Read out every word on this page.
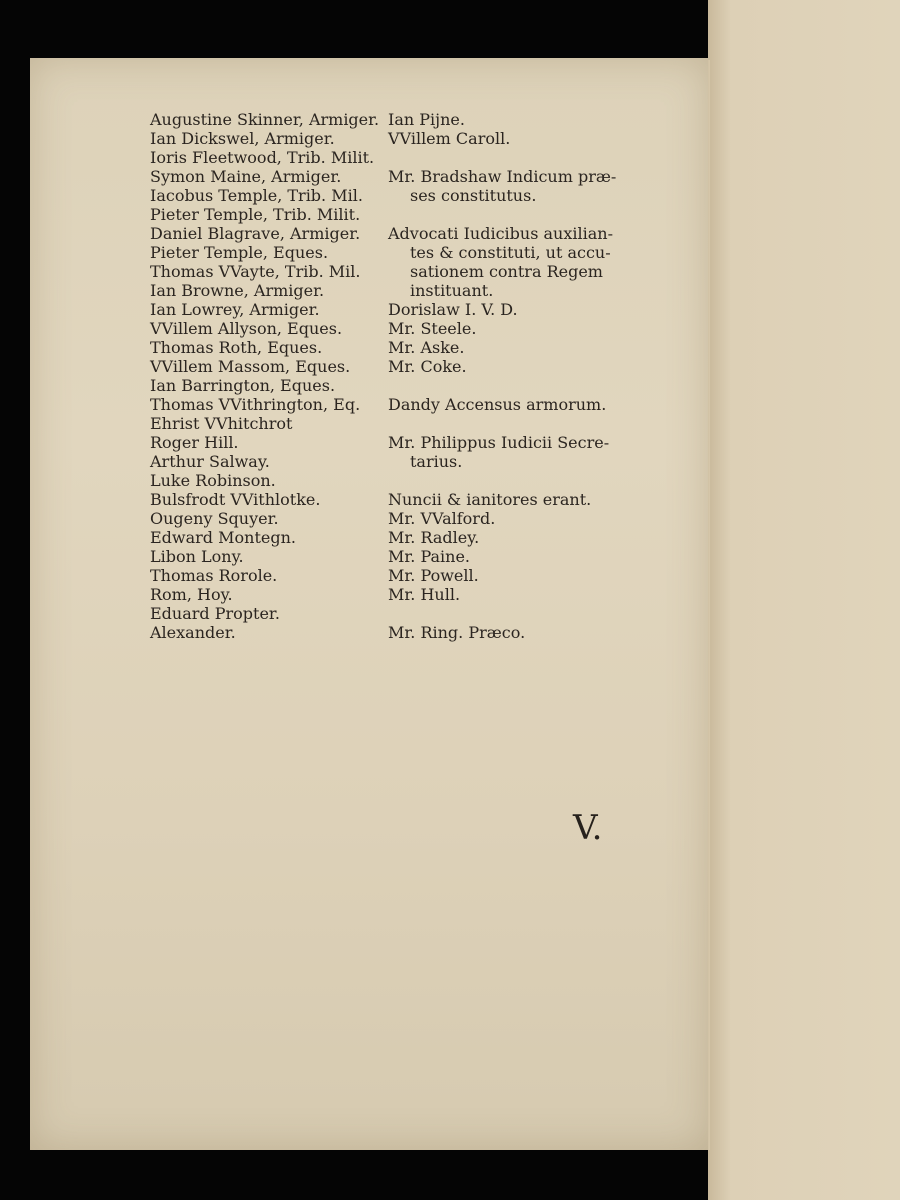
Augustine Skinner, Armiger.
Ian Dickswel, Armiger.
Ioris Fleetwood, Trib. Milit.
Symon Maine, Armiger.
Iacobus Temple, Trib. Mil.
Pieter Temple, Trib. Milit.
Daniel Blagrave, Armiger.
Pieter Temple, Eques.
Thomas VVayte, Trib. Mil.
Ian Browne, Armiger.
Ian Lowrey, Armiger.
VVillem Allyson, Eques.
Thomas Roth, Eques.
VVillem Massom, Eques.
Ian Barrington, Eques.
Thomas VVithrington, Eq.
Ehrist VVhitchrot
Roger Hill.
Arthur Salway.
Luke Robinson.
Bulsfrodt VVithlotke.
Ougeny Squyer.
Edward Montegn.
Libon Lony.
Thomas Rorole.
Rom, Hoy.
Eduard Propter.
Alexander.
Ian Pijne.
VVillem Caroll.
Mr. Bradshaw Indicum præ-
ses constitutus.
Advocati Iudicibus auxilian-
tes & constituti, ut accu-
sationem contra Regem
instituant.
Dorislaw I. V. D.
Mr. Steele.
Mr. Aske.
Mr. Coke.
Dandy Accensus armorum.
Mr. Philippus Iudicii Secre-
tarius.
Nuncii & ianitores erant.
Mr. VValford.
Mr. Radley.
Mr. Paine.
Mr. Powell.
Mr. Hull.
Mr. Ring. Præco.
V.
